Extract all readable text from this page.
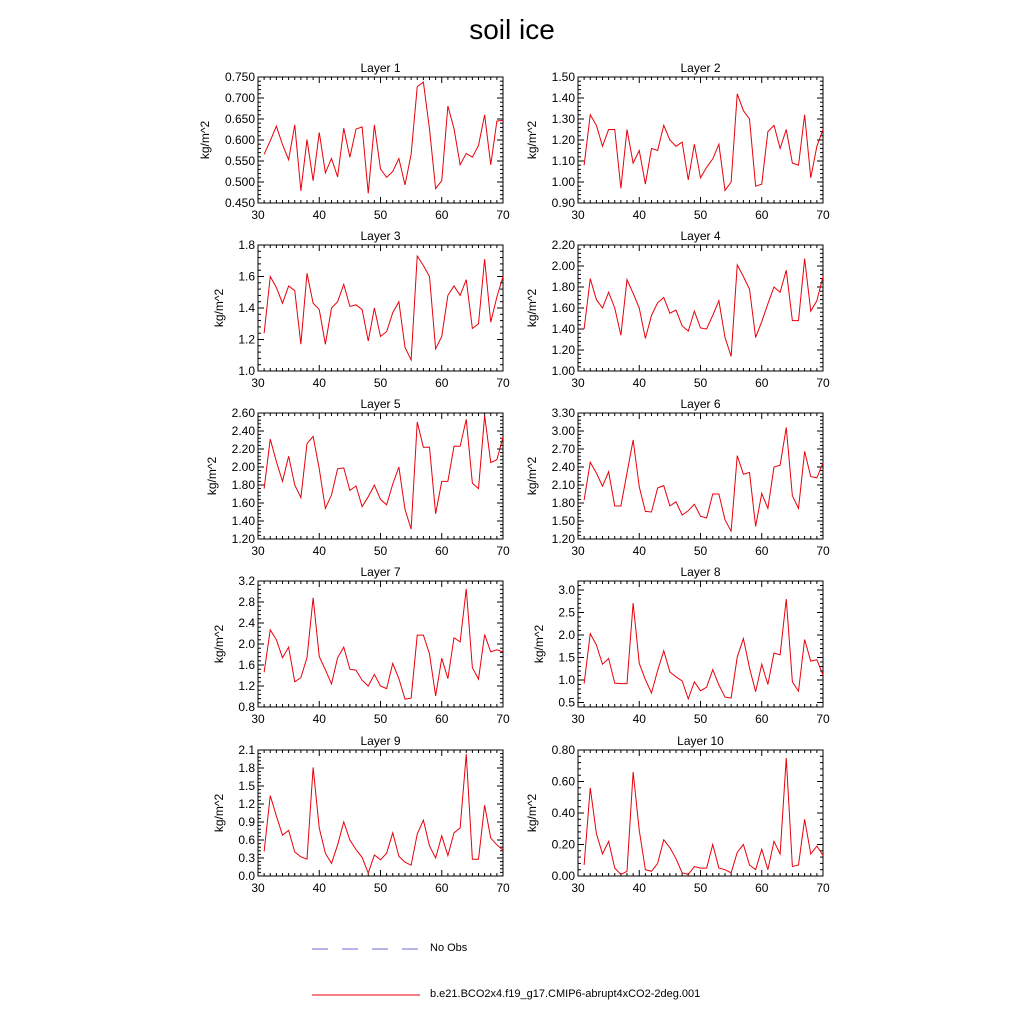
soil ice
Layer 1
30	40	50	60	70
0.450
0.500
0.550
0.600
0.650
0.700
0.750
kg/m^2
Layer 2
30	40	50	60	70
0.90
1.00
1.10
1.20
1.30
1.40
1.50
kg/m^2
Layer 3
30	40	50	60	70
1.0
1.2
1.4
1.6
1.8
kg/m^2
Layer 4
30	40	50	60	70
1.00
1.20
1.40
1.60
1.80
2.00
2.20
kg/m^2
Layer 5
30	40	50	60	70
1.20
1.40
1.60
1.80
2.00
2.20
2.40
2.60
kg/m^2
Layer 6
30	40	50	60	70
1.20
1.50
1.80
2.10
2.40
2.70
3.00
3.30
kg/m^2
Layer 7
30	40	50	60	70
0.8
1.2
1.6
2.0
2.4
2.8
3.2
kg/m^2
Layer 8
30	40	50	60	70
0.5
1.0
1.5
2.0
2.5
3.0
kg/m^2
Layer 9
30	40	50	60	70
0.0
0.3
0.6
0.9
1.2
1.5
1.8
2.1
kg/m^2
Layer 10
30	40	50	60	70
0.00
0.20
0.40
0.60
0.80
kg/m^2
No Obs
b.e21.BCO2x4.f19_g17.CMIP6-abrupt4xCO2-2deg.001
